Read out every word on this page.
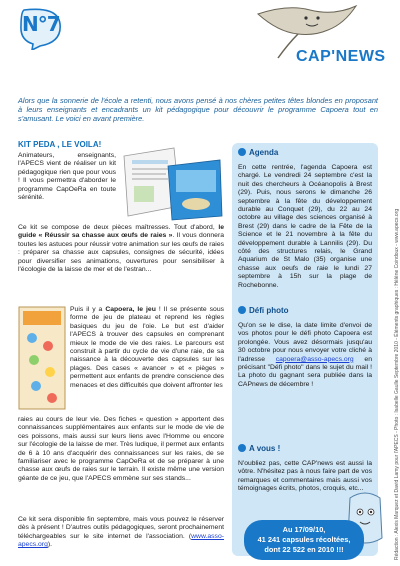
N°7
CAP'NEWS
Alors que la sonnerie de l'école a retenti, nous avons pensé à nos chères petites têtes blondes en proposant à leurs enseignants et encadrants un kit pédagogique pour découvrir le programme Capoera tout en s'amusant. Le voici en avant première.
KIT PEDA , LE VOILA!
Animateurs, enseignants, l'APECS vient de réaliser un kit pédagogique rien que pour vous ! Il vous permettra d'aborder le programme CapOeRa en toute sérénité.
Ce kit se compose de deux pièces maîtresses. Tout d'abord, le guide « Réussir sa chasse aux œufs de raies ». Il vous donnera toutes les astuces pour réussir votre animation sur les œufs de raies : préparer sa chasse aux capsules, consignes de sécurité, idées pour diversifier ses animations, ouvertures pour sensibiliser à l'écologie de la laisse de mer et de l'estran...
Puis il y a Capoera, le jeu ! Il se présente sous forme de jeu de plateau et reprend les règles basiques du jeu de l'oie. Le but est d'aider l'APECS à trouver des capsules en comprenant mieux le mode de vie des raies. Le parcours est construit à partir du cycle de vie d'une raie, de sa naissance à la découverte des capsules sur les plages. Des cases « avancer » et « pièges » permettent aux enfants de prendre conscience des menaces et des difficultés que doivent affronter les
raies au cours de leur vie. Des fiches « question » apportent des connaissances supplémentaires aux enfants sur le mode de vie de ces poissons, mais aussi sur leurs liens avec l'Homme ou encore sur l'écologie de la laisse de mer. Très ludique, il permet aux enfants de 6 à 10 ans d'acquérir des connaissances sur les raies, de se familiariser avec le programme CapOeRa et de se préparer à une chasse aux œufs de raies sur le terrain. Il existe même une version géante de ce jeu, que l'APECS emmène sur ses stands...
Ce kit sera disponible fin septembre, mais vous pouvez le réserver dès à présent ! D'autres outils pédagogiques, seront prochainement téléchargeables sur le site internet de l'association. (www.asso-apecs.org).
Agenda
En cette rentrée, l'agenda Capoera est chargé. Le vendredi 24 septembre c'est la nuit des chercheurs à Océanopolis à Brest (29). Puis, nous serons le dimanche 26 septembre à la fête du développement durable au Conquet (29), du 22 au 24 octobre au village des sciences organisé à Brest (29) dans le cadre de la Fête de la Science et le 21 novembre à la fête du développement durable à Lannilis (29). Du côté des structures relais, le Grand Aquarium de St Malo (35) organise une chasse aux oeufs de raie le lundi 27 septembre à 15h sur la plage de Rochebonne.
Défi photo
Qu'on se le dise, la date limite d'envoi de vos photos pour le défi photo Capoera est prolongée. Vous avez désormais jusqu'au 30 octobre pour nous envoyer votre cliché à l'adresse capoera@asso-apecs.org en précisant "Défi photo" dans le sujet du mail ! La photo du gagnant sera publiée dans la CAPnews de décembre !
A vous !
N'oubliez pas, cette CAP'news est aussi la vôtre. N'hésitez pas à nous faire part de vos remarques et commentaires mais aussi vos témoignages écrits, photos, croquis, etc...
Au 17/09/10,
41 241 capsules récoltées,
dont 22 522 en 2010 !!!	Rédaction : Alexis Marquez et David Lamy pour l'APECS - Photo : Isabelle Gaulle Septembre 2010 - Éléments graphiques : Hélène Coindoux - www.apecs.org
